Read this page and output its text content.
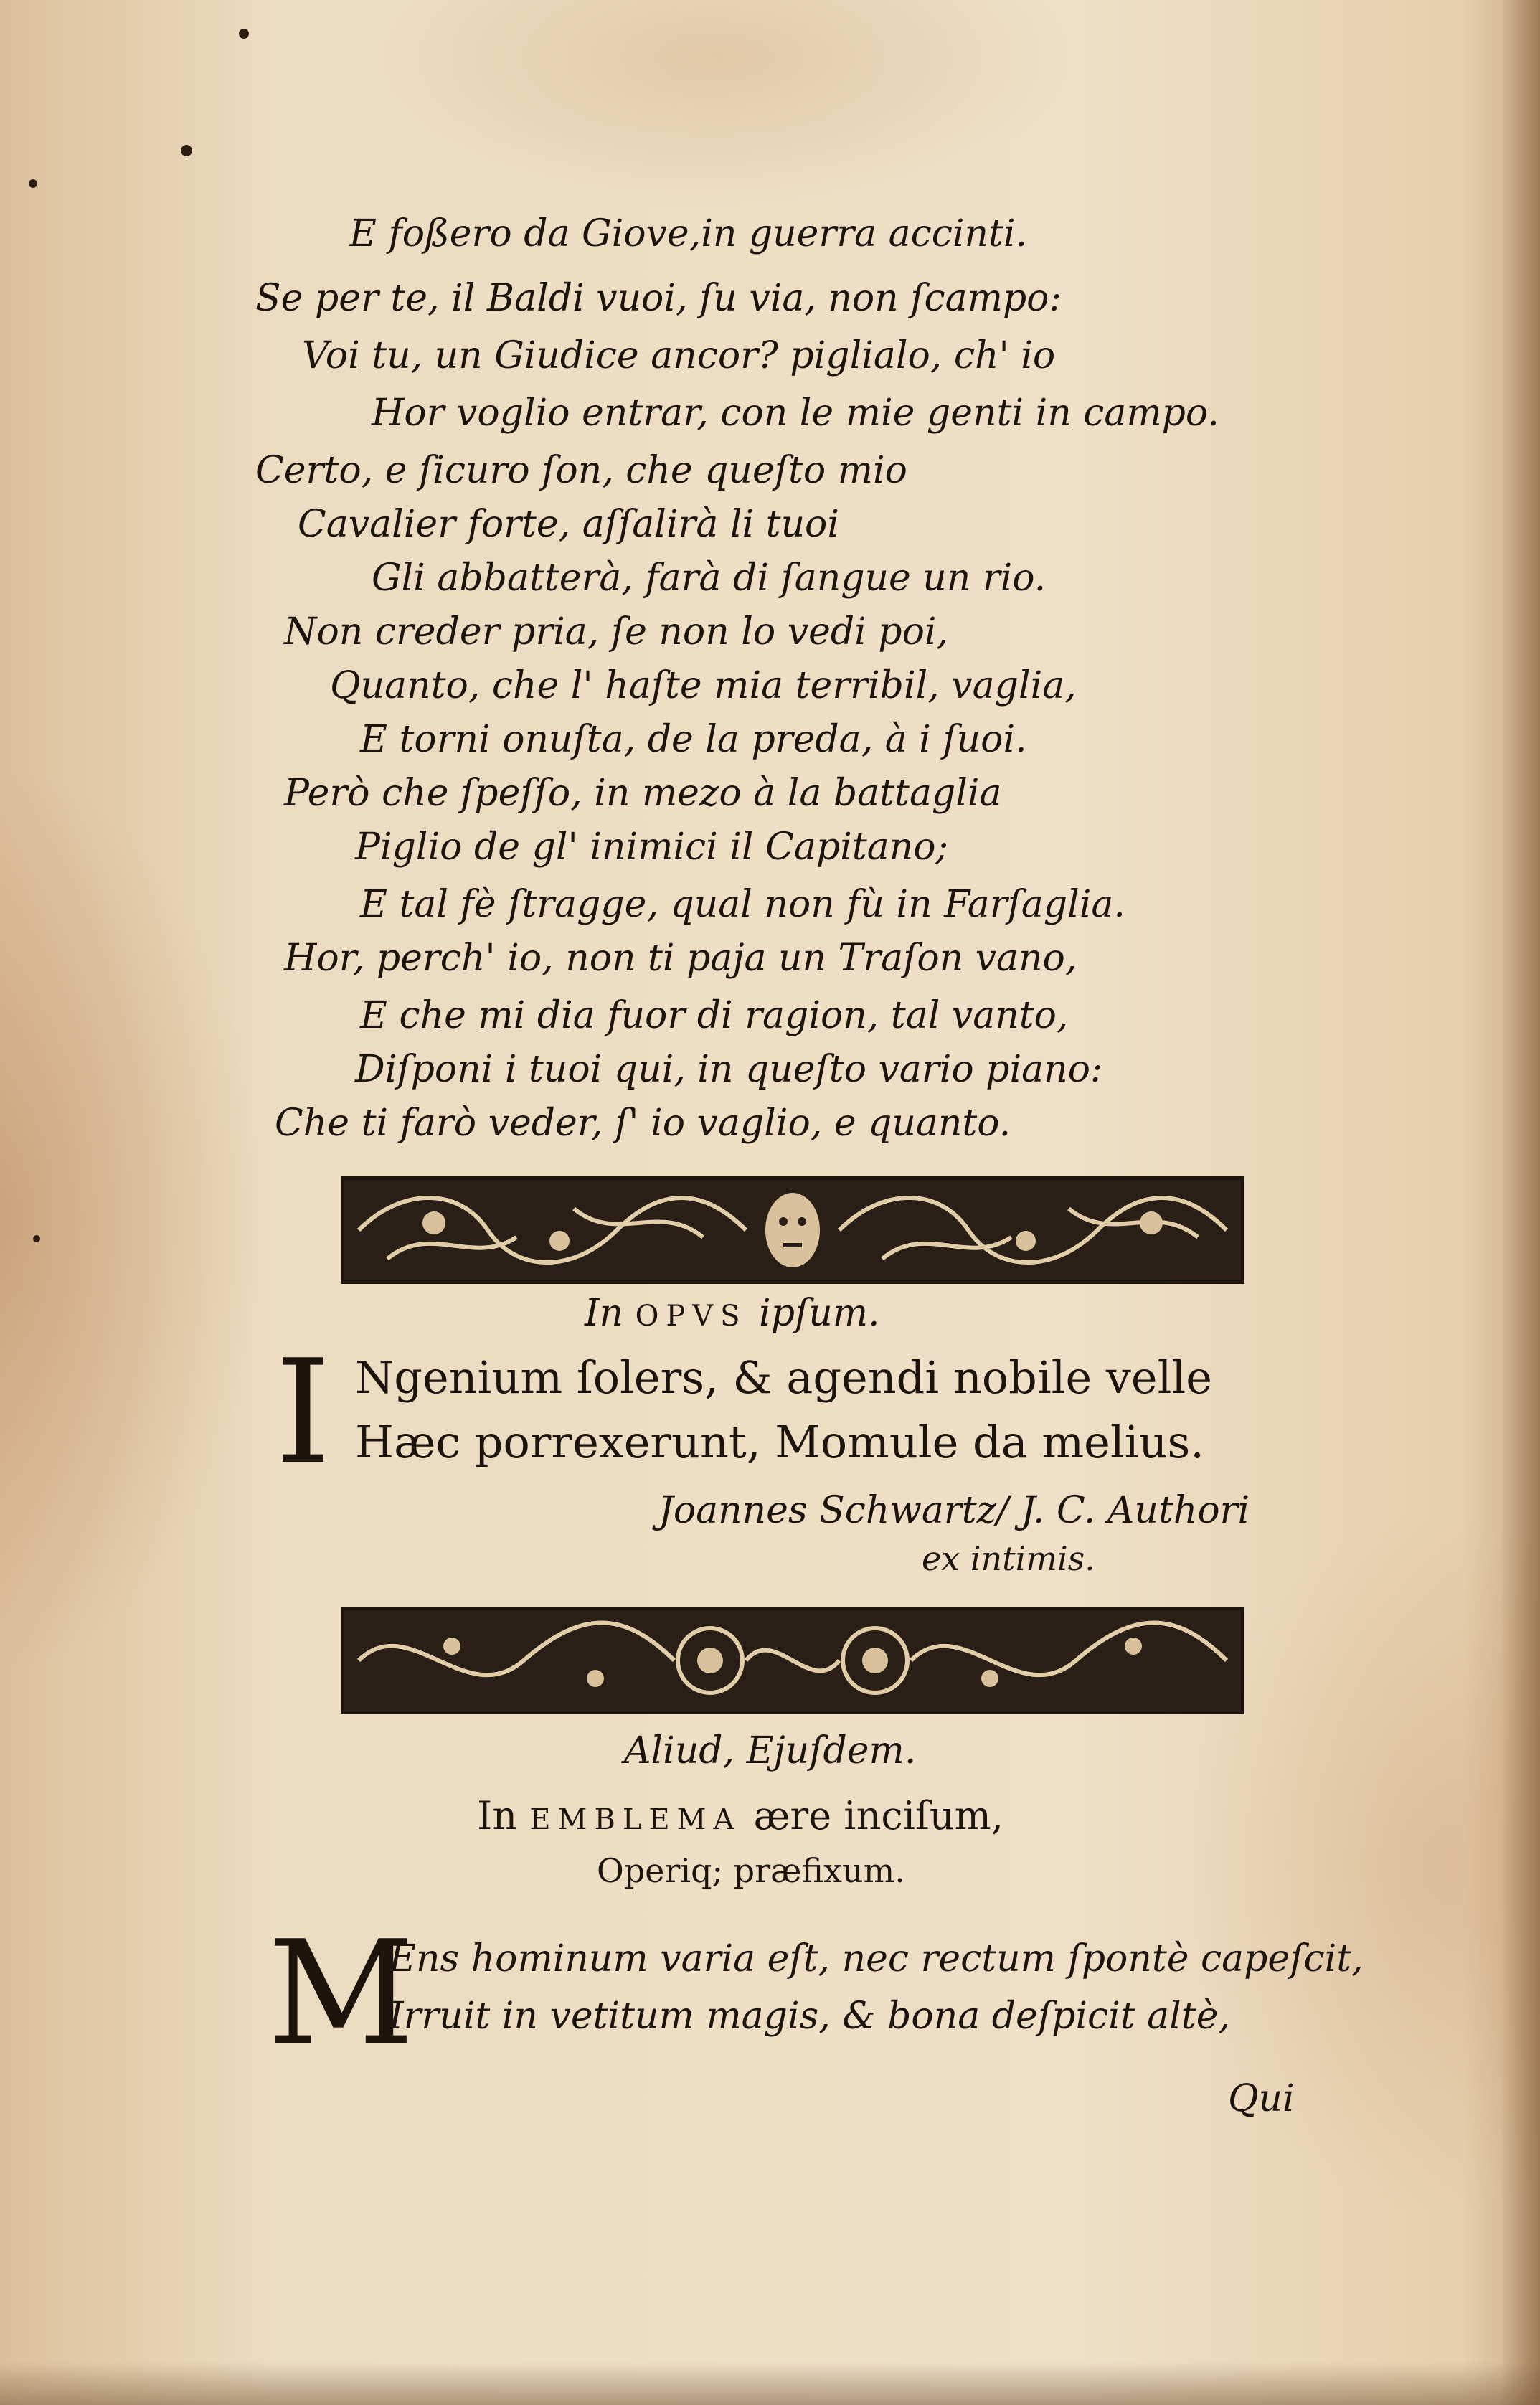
E foßero da Giove,in guerra accinti.

Se per te, il Baldi vuoi, ſu via, non ſcampo:

Voi tu, un Giudice ancor? piglialo, ch' io

Hor voglio entrar, con le mie genti in campo.

Certo, e ſicuro ſon, che queſto mio

Cavalier forte, aſſalirà li tuoi

Gli abbatterà, farà di ſangue un rio.

Non creder pria, ſe non lo vedi poi,

Quanto, che l' haſte mia terribil, vaglia,

E torni onuſta, de la preda, à i ſuoi.

Però che ſpeſſo, in mezo à la battaglia

Piglio de gl' inimici il Capitano;

E tal fè ſtragge, qual non fù in Farſaglia.

Hor, perch' io, non ti paja un Traſon vano,

E che mi dia fuor di ragion, tal vanto,

Diſponi i tuoi qui, in queſto vario piano:

Che ti farò veder, ſ' io vaglio, e quanto.

In OPVS ipſum.

I Ngenium ſolers, & agendi nobile velle

Hæc porrexerunt, Momule da melius.

Joannes Schwartz/ J. C. Authori

ex intimis.

Aliud, Ejuſdem.

In EMBLEMA ære inciſum,

Operiq; præfixum.

M

Ens hominum varia eſt, nec rectum ſpontè capeſcit,

Irruit in vetitum magis, & bona deſpicit altè,

Qui
